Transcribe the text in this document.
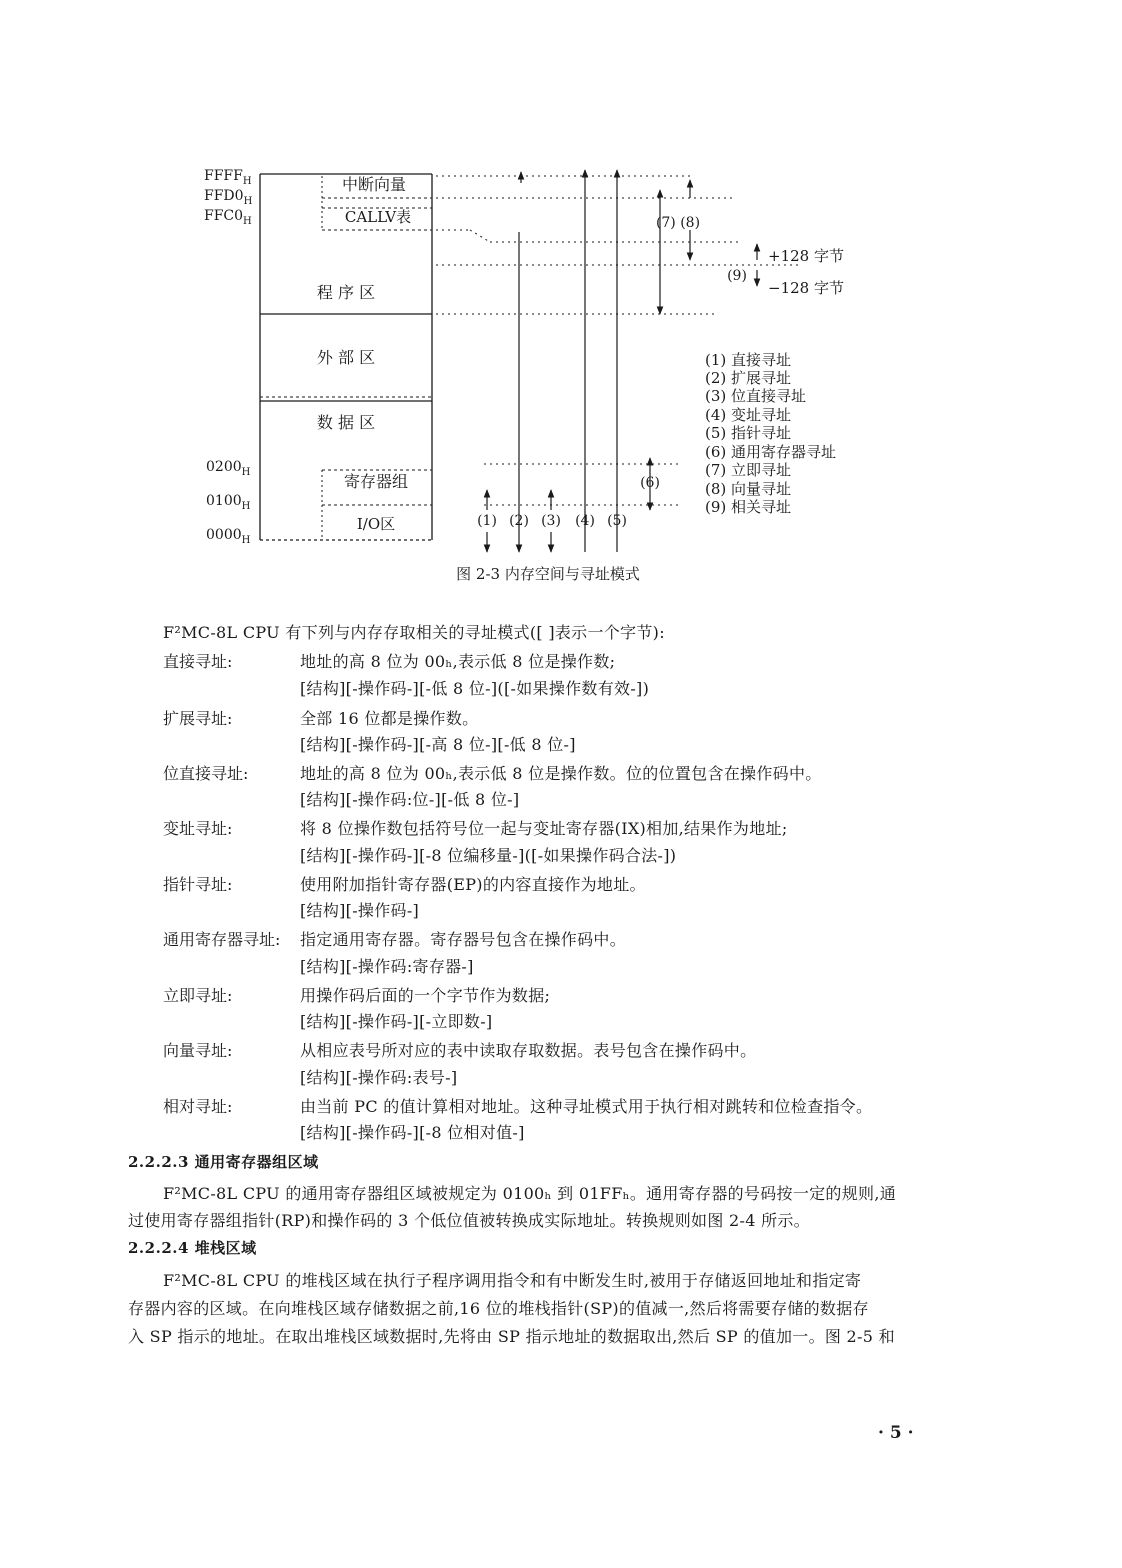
$FFFF_H$
$FFD0_H$
$FFC0_H$
$0200_H$
$0100_H$
$0000_H$
中断向量
CALLV表
程 序 区
外 部 区
数 据 区
寄存器组
I/O区	(1) (2) (3) (4) (5)
(6)
(7) (8)
(9)
+128 字节
−128 字节
(1) 直接寻址
(2) 扩展寻址
(3) 位直接寻址
(4) 变址寻址
(5) 指针寻址
(6) 通用寄存器寻址
(7) 立即寻址
(8) 向量寻址
(9) 相关寻址
图 2-3 内存空间与寻址模式
F²MC-8L CPU 有下列与内存存取相关的寻址模式([ ]表示一个字节):
直接寻址:	地址的高 8 位为 00ₕ,表示低 8 位是操作数;
[结构][-操作码-][-低 8 位-]([-如果操作数有效-])
扩展寻址:	全部 16 位都是操作数。
[结构][-操作码-][-高 8 位-][-低 8 位-]
位直接寻址:	地址的高 8 位为 00ₕ,表示低 8 位是操作数。位的位置包含在操作码中。
[结构][-操作码:位-][-低 8 位-]
变址寻址:	将 8 位操作数包括符号位一起与变址寄存器(IX)相加,结果作为地址;
[结构][-操作码-][-8 位编移量-]([-如果操作码合法-])
指针寻址:	使用附加指针寄存器(EP)的内容直接作为地址。
[结构][-操作码-]
通用寄存器寻址: 指定通用寄存器。寄存器号包含在操作码中。
[结构][-操作码:寄存器-]
立即寻址:	用操作码后面的一个字节作为数据;
[结构][-操作码-][-立即数-]
向量寻址:	从相应表号所对应的表中读取存取数据。表号包含在操作码中。
[结构][-操作码:表号-]
相对寻址:	由当前 PC 的值计算相对地址。这种寻址模式用于执行相对跳转和位检查指令。
[结构][-操作码-][-8 位相对值-]
2.2.2.3 通用寄存器组区域
F²MC-8L CPU 的通用寄存器组区域被规定为 0100ₕ 到 01FFₕ。通用寄存器的号码按一定的规则,通
过使用寄存器组指针(RP)和操作码的 3 个低位值被转换成实际地址。转换规则如图 2-4 所示。
2.2.2.4 堆栈区域
F²MC-8L CPU 的堆栈区域在执行子程序调用指令和有中断发生时,被用于存储返回地址和指定寄
存器内容的区域。在向堆栈区域存储数据之前,16 位的堆栈指针(SP)的值减一,然后将需要存储的数据存
入 SP 指示的地址。在取出堆栈区域数据时,先将由 SP 指示地址的数据取出,然后 SP 的值加一。图 2-5 和
· 5 ·
